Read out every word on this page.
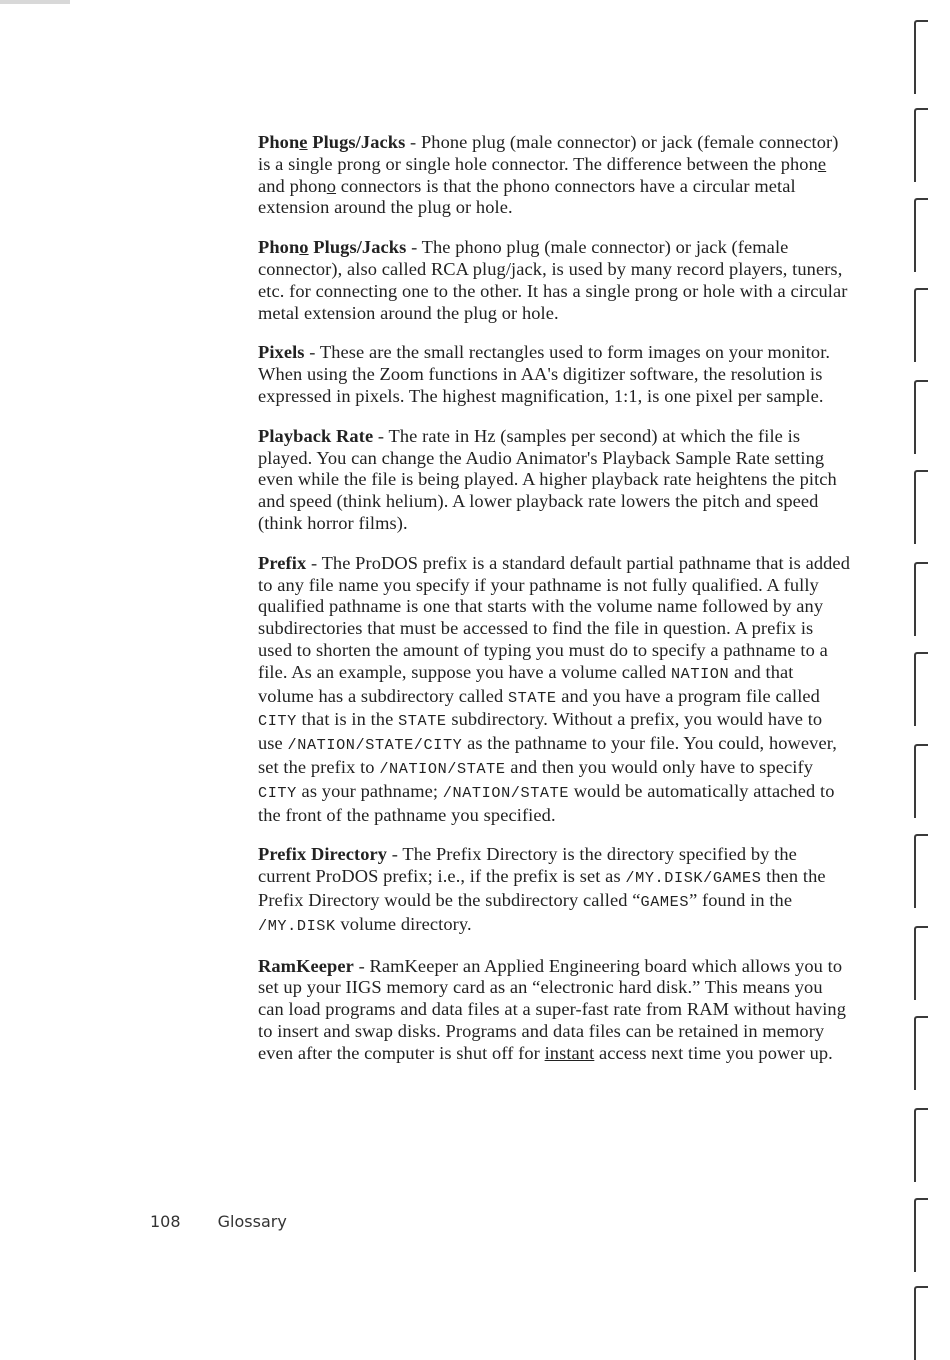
Phone Plugs/Jacks - Phone plug (male connector) or jack (female connector) is a single prong or single hole connector. The difference between the phone and phono connectors is that the phono connectors have a circular metal extension around the plug or hole.

Phono Plugs/Jacks - The phono plug (male connector) or jack (female connector), also called RCA plug/jack, is used by many record players, tuners, etc. for connecting one to the other. It has a single prong or hole with a circular metal extension around the plug or hole.

Pixels - These are the small rectangles used to form images on your monitor. When using the Zoom functions in AA's digitizer software, the resolution is expressed in pixels. The highest magnification, 1:1, is one pixel per sample.

Playback Rate - The rate in Hz (samples per second) at which the file is played. You can change the Audio Animator's Playback Sample Rate setting even while the file is being played. A higher playback rate heightens the pitch and speed (think helium). A lower playback rate lowers the pitch and speed (think horror films).

Prefix - The ProDOS prefix is a standard default partial pathname that is added to any file name you specify if your pathname is not fully qualified. A fully qualified pathname is one that starts with the volume name followed by any subdirectories that must be accessed to find the file in question. A prefix is used to shorten the amount of typing you must do to specify a pathname to a file. As an example, suppose you have a volume called NATION and that volume has a subdirectory called STATE and you have a program file called CITY that is in the STATE subdirectory. Without a prefix, you would have to use /NATION/STATE/CITY as the pathname to your file. You could, however, set the prefix to /NATION/STATE and then you would only have to specify CITY as your pathname; /NATION/STATE would be automatically attached to the front of the pathname you specified.

Prefix Directory - The Prefix Directory is the directory specified by the current ProDOS prefix; i.e., if the prefix is set as /MY.DISK/GAMES then the Prefix Directory would be the subdirectory called “GAMES” found in the /MY.DISK volume directory.

RamKeeper - RamKeeper an Applied Engineering board which allows you to set up your IIGS memory card as an “electronic hard disk.” This means you can load programs and data files at a super-fast rate from RAM without having to insert and swap disks. Programs and data files can be retained in memory even after the computer is shut off for instant access next time you power up.

108 Glossary
